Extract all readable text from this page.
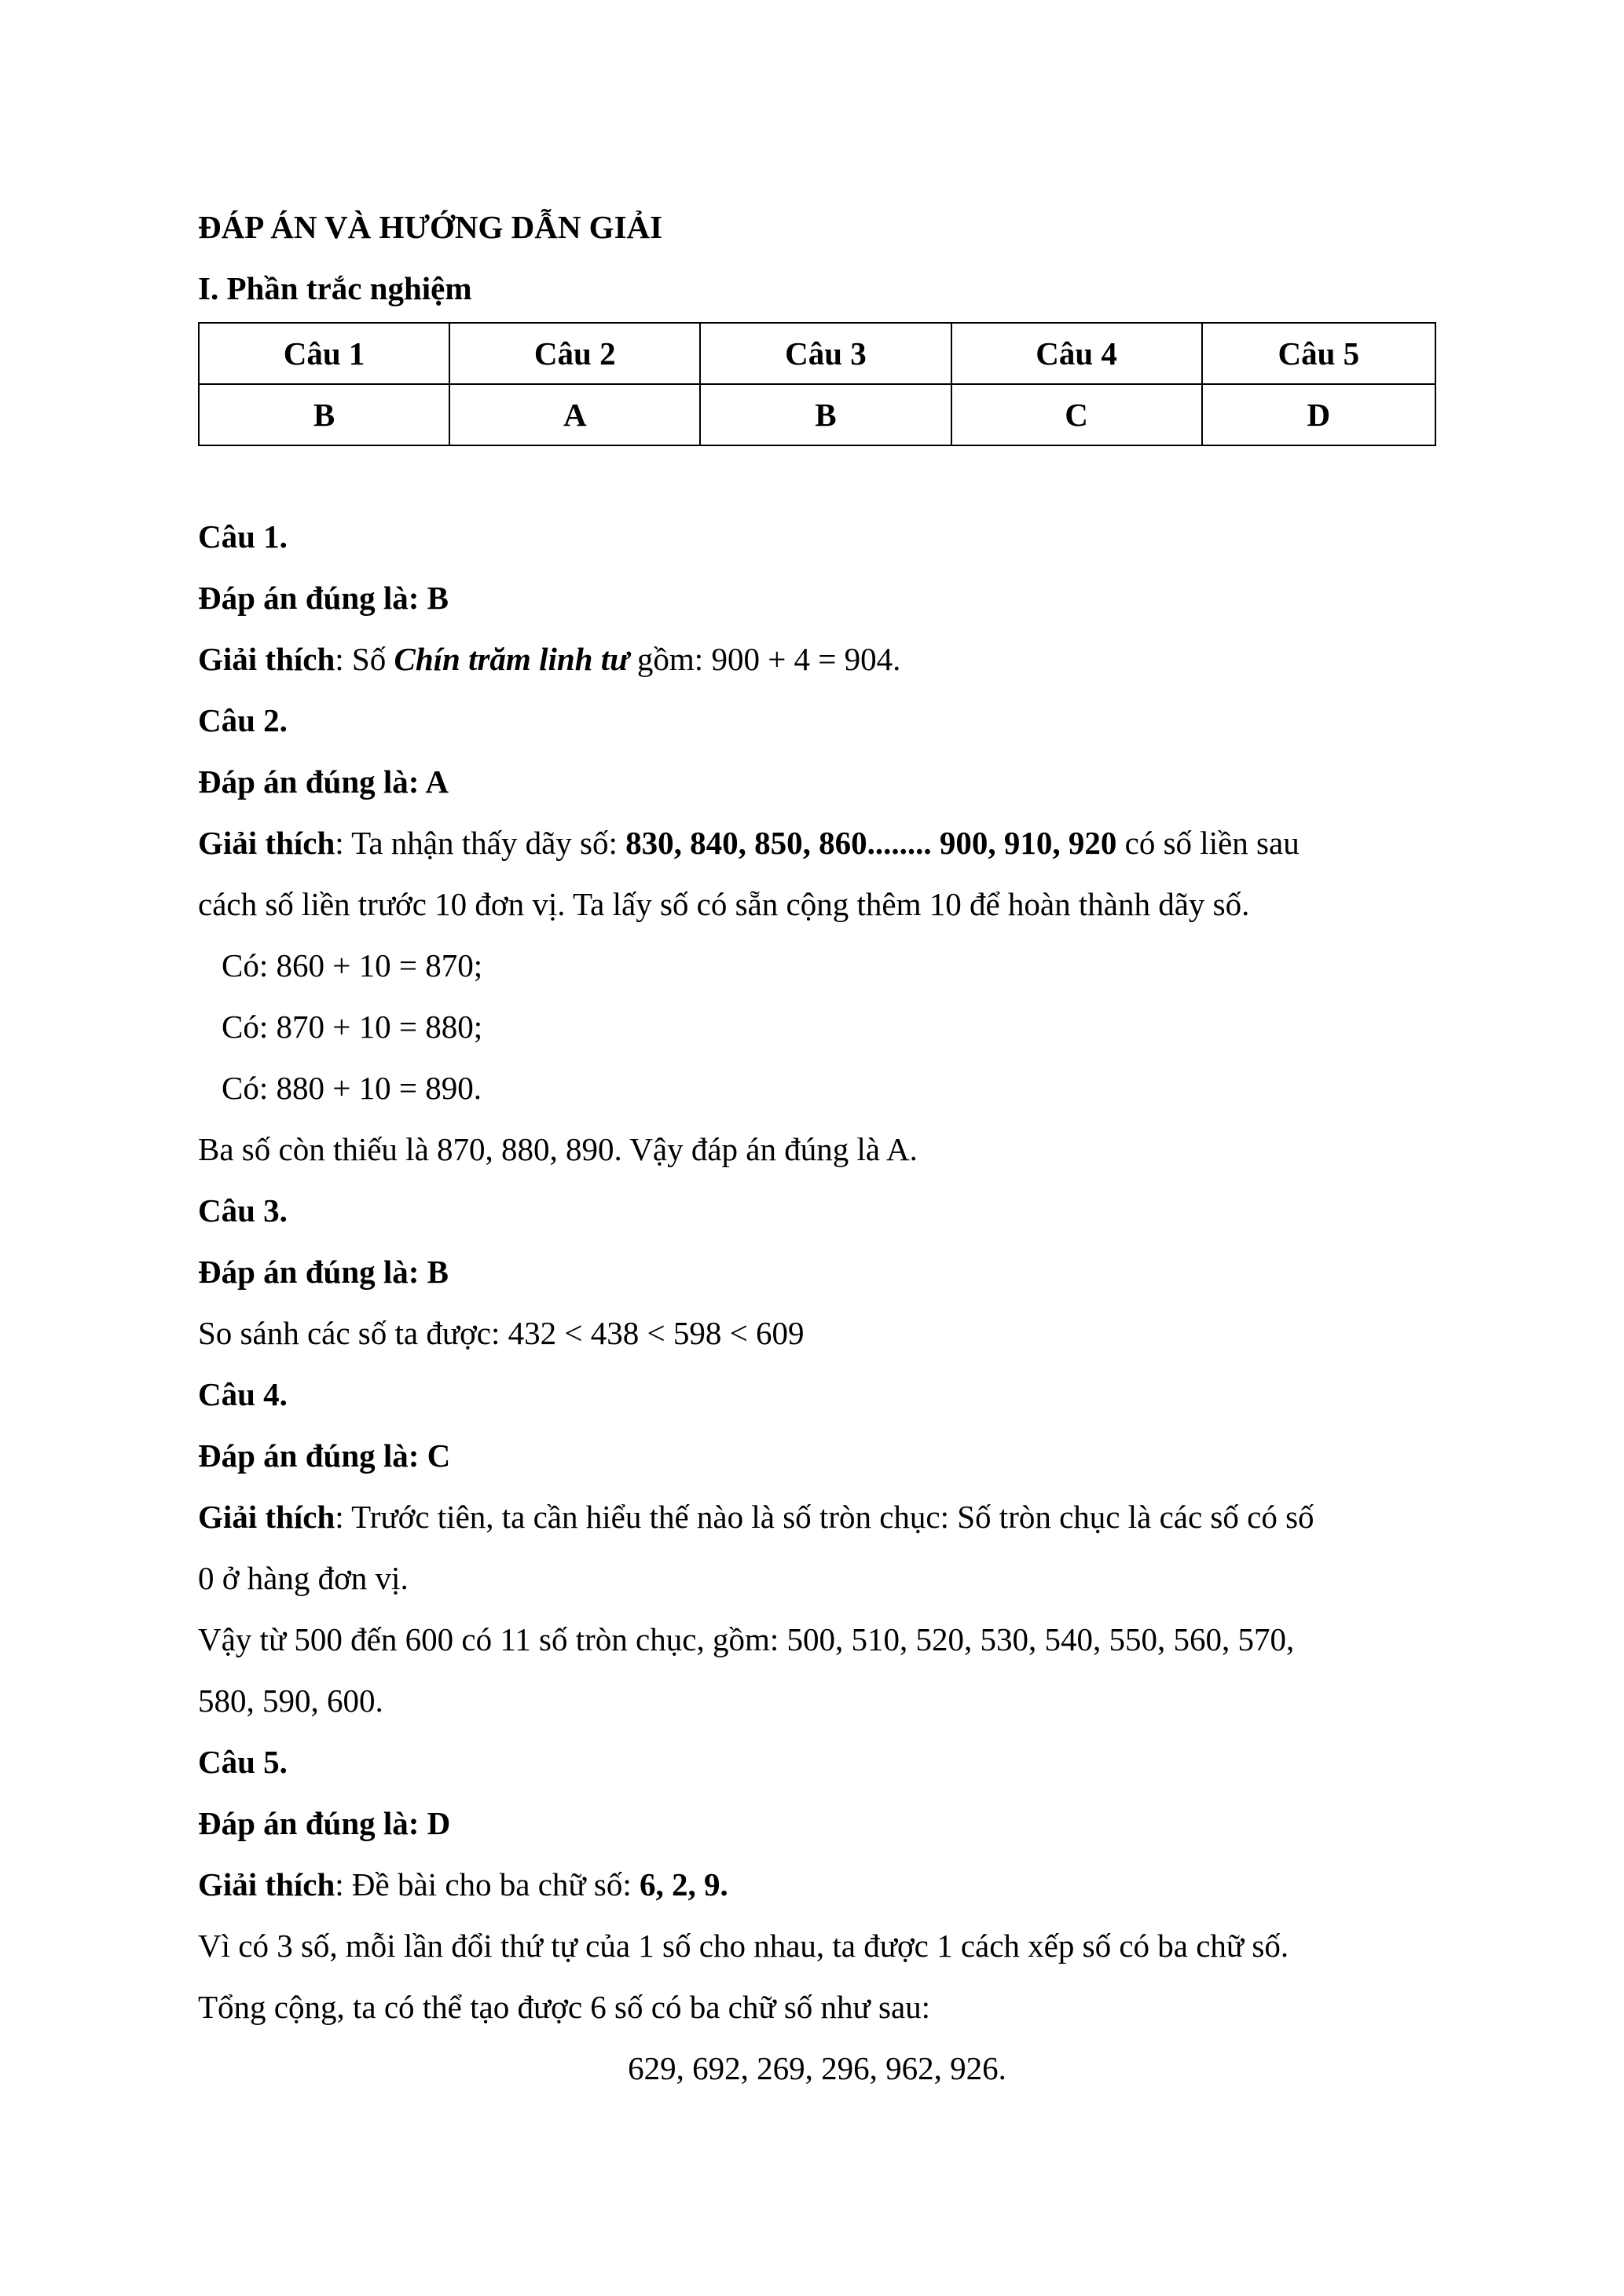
ĐÁP ÁN VÀ HƯỚNG DẪN GIẢI
I. Phần trắc nghiệm
Câu 1	Câu 2	Câu 3	Câu 4	Câu 5
B	A	B	C	D
Câu 1.
Đáp án đúng là: B
Giải thích: Số Chín trăm linh tư gồm: 900 + 4 = 904.
Câu 2.
Đáp án đúng là: A
Giải thích: Ta nhận thấy dãy số: 830, 840, 850, 860........ 900, 910, 920 có số liền sau
cách số liền trước 10 đơn vị. Ta lấy số có sẵn cộng thêm 10 để hoàn thành dãy số.
Có: 860 + 10 = 870;
Có: 870 + 10 = 880;
Có: 880 + 10 = 890.
Ba số còn thiếu là 870, 880, 890. Vậy đáp án đúng là A.
Câu 3.
Đáp án đúng là: B
So sánh các số ta được: 432 < 438 < 598 < 609
Câu 4.
Đáp án đúng là: C
Giải thích: Trước tiên, ta cần hiểu thế nào là số tròn chục: Số tròn chục là các số có số
0 ở hàng đơn vị.
Vậy từ 500 đến 600 có 11 số tròn chục, gồm: 500, 510, 520, 530, 540, 550, 560, 570,
580, 590, 600.
Câu 5.
Đáp án đúng là: D
Giải thích: Đề bài cho ba chữ số: 6, 2, 9.
Vì có 3 số, mỗi lần đổi thứ tự của 1 số cho nhau, ta được 1 cách xếp số có ba chữ số.
Tổng cộng, ta có thể tạo được 6 số có ba chữ số như sau:
629, 692, 269, 296, 962, 926.
